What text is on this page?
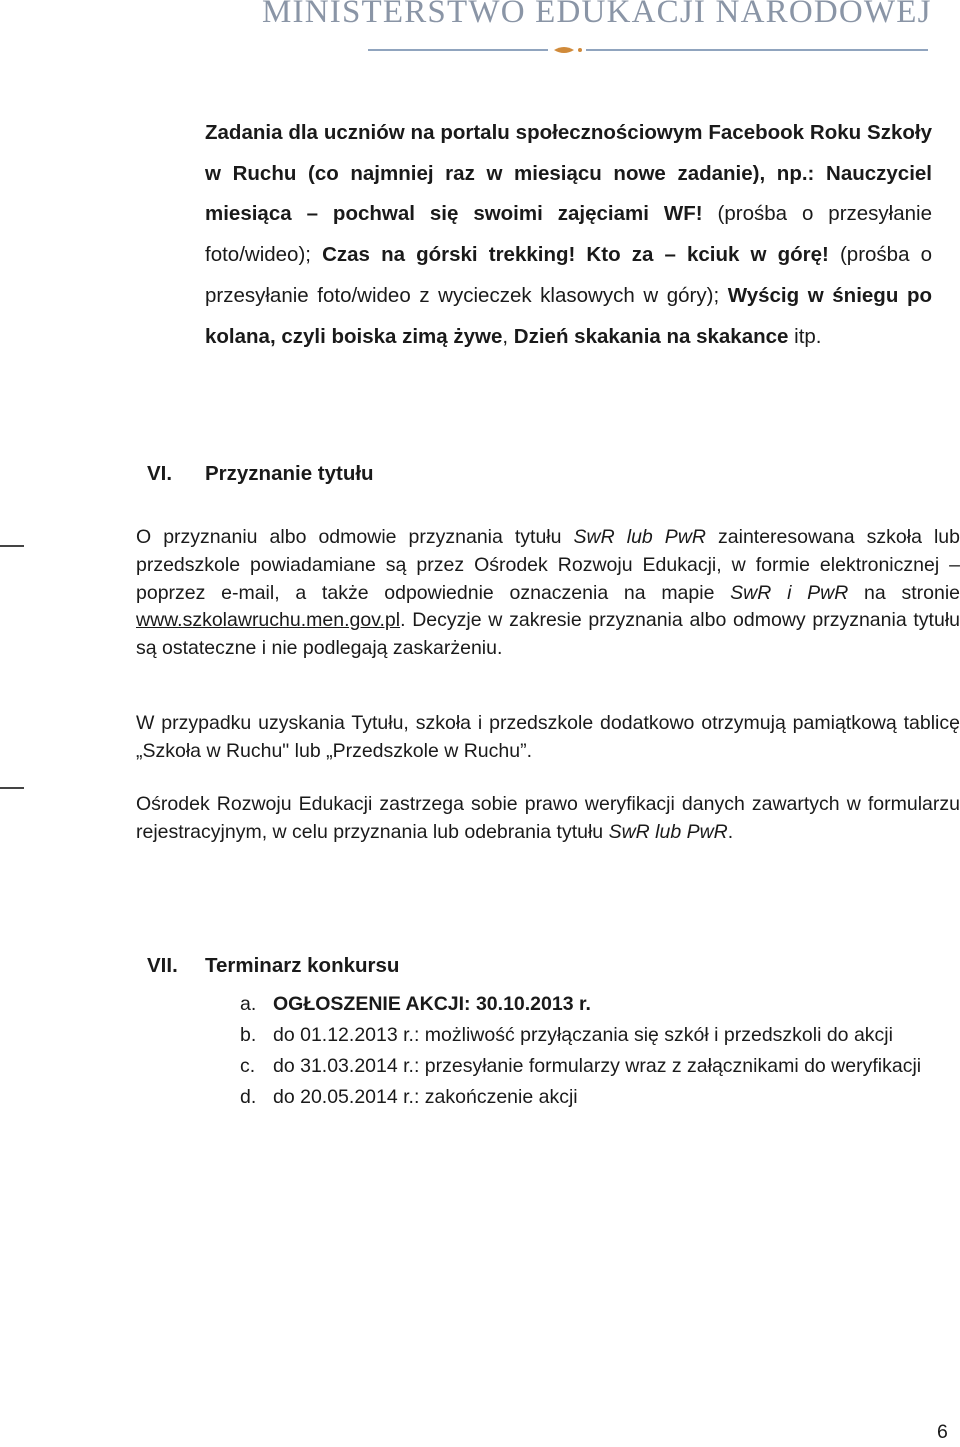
MINISTERSTWO EDUKACJI NARODOWEJ
Zadania dla uczniów na portalu społecznościowym Facebook Roku Szkoły w Ruchu (co najmniej raz w miesiącu nowe zadanie), np.: Nauczyciel miesiąca – pochwal się swoimi zajęciami WF! (prośba o przesyłanie foto/wideo); Czas na górski trekking! Kto za – kciuk w górę! (prośba o przesyłanie foto/wideo z wycieczek klasowych w góry); Wyścig w śniegu po kolana, czyli boiska zimą żywe, Dzień skakania na skakance itp.
VI. Przyznanie tytułu
O przyznaniu albo odmowie przyznania tytułu SwR lub PwR zainteresowana szkoła lub przedszkole powiadamiane są przez Ośrodek Rozwoju Edukacji, w formie elektronicznej – poprzez e-mail, a także odpowiednie oznaczenia na mapie SwR i PwR na stronie www.szkolawruchu.men.gov.pl. Decyzje w zakresie przyznania albo odmowy przyznania tytułu są ostateczne i nie podlegają zaskarżeniu.
W przypadku uzyskania Tytułu, szkoła i przedszkole dodatkowo otrzymują pamiątkową tablicę „Szkoła w Ruchu" lub „Przedszkole w Ruchu”.
Ośrodek Rozwoju Edukacji zastrzega sobie prawo weryfikacji danych zawartych w formularzu rejestracyjnym, w celu przyznania lub odebrania tytułu SwR lub PwR.
VII. Terminarz konkursu
a. OGŁOSZENIE AKCJI: 30.10.2013 r.
b. do 01.12.2013 r.: możliwość przyłączania się szkół i przedszkoli do akcji
c. do 31.03.2014 r.: przesyłanie formularzy wraz z załącznikami do weryfikacji
d. do 20.05.2014 r.: zakończenie akcji
6
